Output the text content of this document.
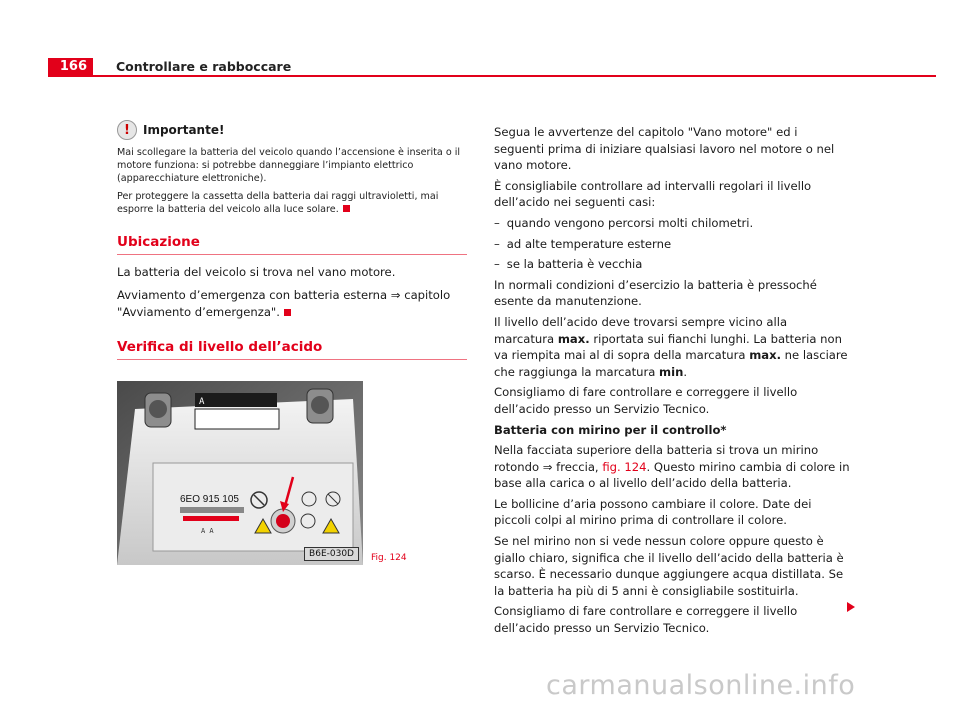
166 Controllare e rabboccare
!	Importante!

Mai scollegare la batteria del veicolo quando l’accensione è inserita o il motore funziona: si potrebbe danneggiare l’impianto elettrico (apparecchiature elettroniche).

Per proteggere la cassetta della batteria dai raggi ultravioletti, mai esporre la batteria del veicolo alla luce solare.

Ubicazione

La batteria del veicolo si trova nel vano motore.

Avviamento d’emergenza con batteria esterna ⇒ capitolo "Avviamento d’emergenza".

Verifica di livello dell’acido
A
6EO 915 105
A A
B6E-030D	Fig. 124

Segua le avvertenze del capitolo "Vano motore" ed i seguenti prima di iniziare qualsiasi lavoro nel motore o nel vano motore.

È consigliabile controllare ad intervalli regolari il livello dell’acido nei seguenti casi:

– quando vengono percorsi molti chilometri.
– ad alte temperature esterne
– se la batteria è vecchia

In normali condizioni d’esercizio la batteria è pressoché esente da manutenzione.

Il livello dell’acido deve trovarsi sempre vicino alla marcatura max. riportata sui fianchi lunghi. La batteria non va riempita mai al di sopra della marcatura max. ne lasciare che raggiunga la marcatura min.

Consigliamo di fare controllare e correggere il livello dell’acido presso un Servizio Tecnico.

Batteria con mirino per il controllo*

Nella facciata superiore della batteria si trova un mirino rotondo ⇒ freccia, fig. 124. Questo mirino cambia di colore in base alla carica o al livello dell’acido della batteria.

Le bollicine d’aria possono cambiare il colore. Date dei piccoli colpi al mirino prima di controllare il colore.

Se nel mirino non si vede nessun colore oppure questo è giallo chiaro, significa che il livello dell’acido della batteria è scarso. È necessario dunque aggiungere acqua distillata. Se la batteria ha più di 5 anni è consigliabile sostituirla.

Consigliamo di fare controllare e correggere il livello dell’acido presso un Servizio Tecnico.

carmanualsonline.info
